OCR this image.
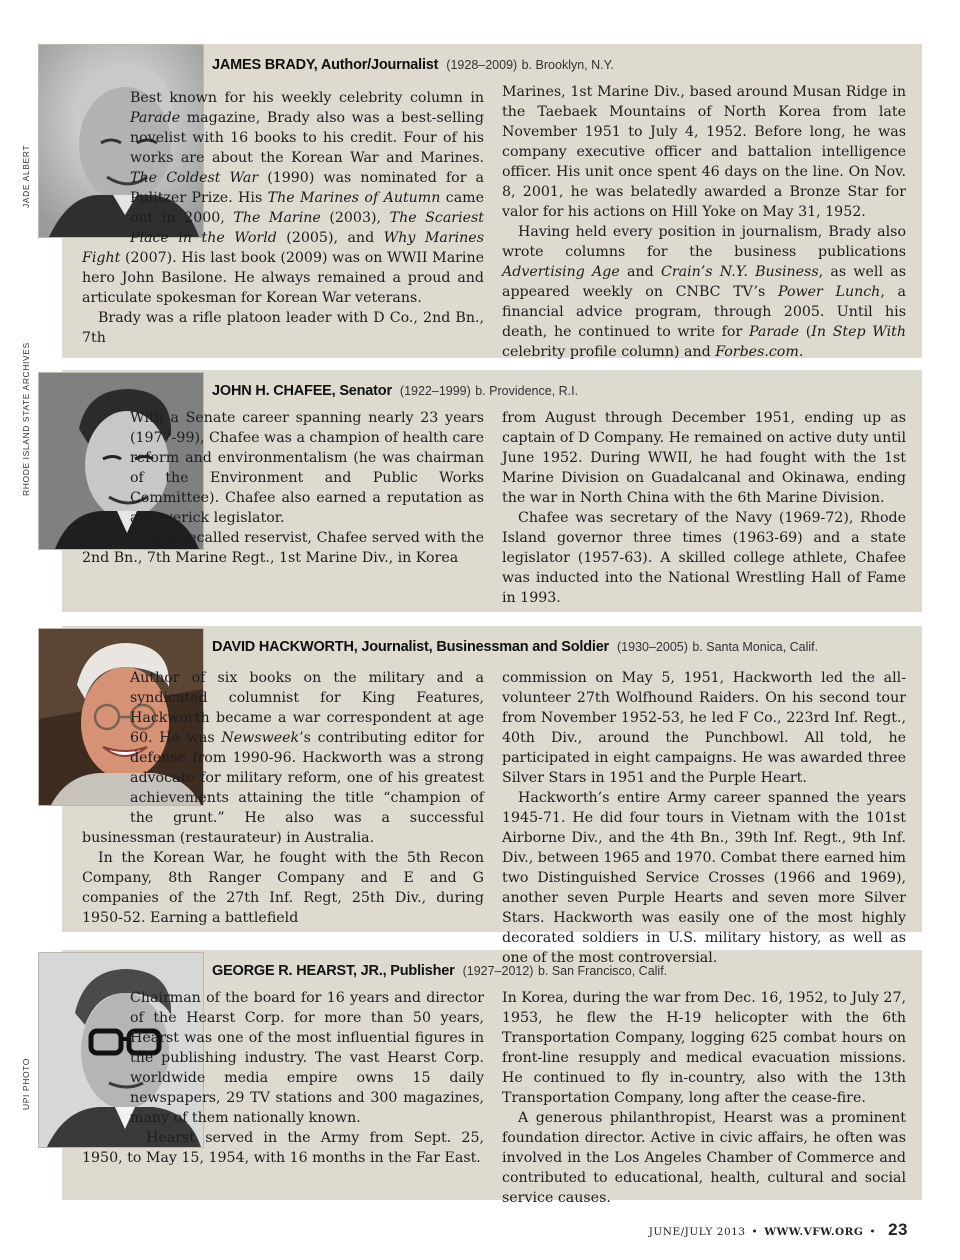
JADE ALBERT
JAMES BRADY, Author/Journalist (1928–2009) b. Brooklyn, N.Y.

Best known for his weekly celebrity column in Parade magazine, Brady also was a best-selling novelist with 16 books to his credit. Four of his works are about the Korean War and Marines. The Coldest War (1990) was nominated for a Pulitzer Prize. His The Marines of Autumn came out in 2000, The Marine (2003), The Scariest Place in the World (2005), and Why Marines Fight (2007). His last book (2009) was on WWII Marine hero John Basilone. He always remained a proud and articulate spokesman for Korean War veterans.

Brady was a rifle platoon leader with D Co., 2nd Bn., 7th

Marines, 1st Marine Div., based around Musan Ridge in the Taebaek Mountains of North Korea from late November 1951 to July 4, 1952. Before long, he was company executive officer and battalion intelligence officer. His unit once spent 46 days on the line. On Nov. 8, 2001, he was belatedly awarded a Bronze Star for valor for his actions on Hill Yoke on May 31, 1952.

Having held every position in journalism, Brady also wrote columns for the business publications Advertising Age and Crain’s N.Y. Business, as well as appeared weekly on CNBC TV’s Power Lunch, a financial advice program, through 2005. Until his death, he continued to write for Parade (In Step With celebrity profile column) and Forbes.com.

RHODE ISLAND STATE ARCHIVES	JOHN H. CHAFEE, Senator (1922–1999) b. Providence, R.I.

With a Senate career spanning nearly 23 years (1977-99), Chafee was a champion of health care reform and environmentalism (he was chairman of the Environment and Public Works Committee). Chafee also earned a reputation as a maverick legislator.

As a recalled reservist, Chafee served with the 2nd Bn., 7th Marine Regt., 1st Marine Div., in Korea

from August through December 1951, ending up as captain of D Company. He remained on active duty until June 1952. During WWII, he had fought with the 1st Marine Division on Guadalcanal and Okinawa, ending the war in North China with the 6th Marine Division.

Chafee was secretary of the Navy (1969-72), Rhode Island governor three times (1963-69) and a state legislator (1957-63). A skilled college athlete, Chafee was inducted into the National Wrestling Hall of Fame in 1993.

DAVID HACKWORTH, Journalist, Businessman and Soldier (1930–2005) b. Santa Monica, Calif.

Author of six books on the military and a syndicated columnist for King Features, Hackworth became a war correspondent at age 60. He was Newsweek’s contributing editor for defense from 1990-96. Hackworth was a strong advocate for military reform, one of his greatest achievements attaining the title “champion of the grunt.” He also was a successful businessman (restaurateur) in Australia.

In the Korean War, he fought with the 5th Recon Company, 8th Ranger Company and E and G companies of the 27th Inf. Regt, 25th Div., during 1950-52. Earning a battlefield

commission on May 5, 1951, Hackworth led the all-volunteer 27th Wolfhound Raiders. On his second tour from November 1952-53, he led F Co., 223rd Inf. Regt., 40th Div., around the Punchbowl. All told, he participated in eight campaigns. He was awarded three Silver Stars in 1951 and the Purple Heart.

Hackworth’s entire Army career spanned the years 1945-71. He did four tours in Vietnam with the 101st Airborne Div., and the 4th Bn., 39th Inf. Regt., 9th Inf. Div., between 1965 and 1970. Combat there earned him two Distinguished Service Crosses (1966 and 1969), another seven Purple Hearts and seven more Silver Stars. Hackworth was easily one of the most highly decorated soldiers in U.S. military history, as well as one of the most controversial.

UPI PHOTO
GEORGE R. HEARST, JR., Publisher (1927–2012) b. San Francisco, Calif.

Chairman of the board for 16 years and director of the Hearst Corp. for more than 50 years, Hearst was one of the most influential figures in the publishing industry. The vast Hearst Corp. worldwide media empire owns 15 daily newspapers, 29 TV stations and 300 magazines, many of them nationally known.

Hearst served in the Army from Sept. 25, 1950, to May 15, 1954, with 16 months in the Far East.

In Korea, during the war from Dec. 16, 1952, to July 27, 1953, he flew the H-19 helicopter with the 6th Transportation Company, logging 625 combat hours on front-line resupply and medical evacuation missions. He continued to fly in-country, also with the 13th Transportation Company, long after the cease-fire.

A generous philanthropist, Hearst was a prominent foundation director. Active in civic affairs, he often was involved in the Los Angeles Chamber of Commerce and contributed to educational, health, cultural and social service causes.

JUNE/JULY 2013 • WWW.VFW.ORG • 23
